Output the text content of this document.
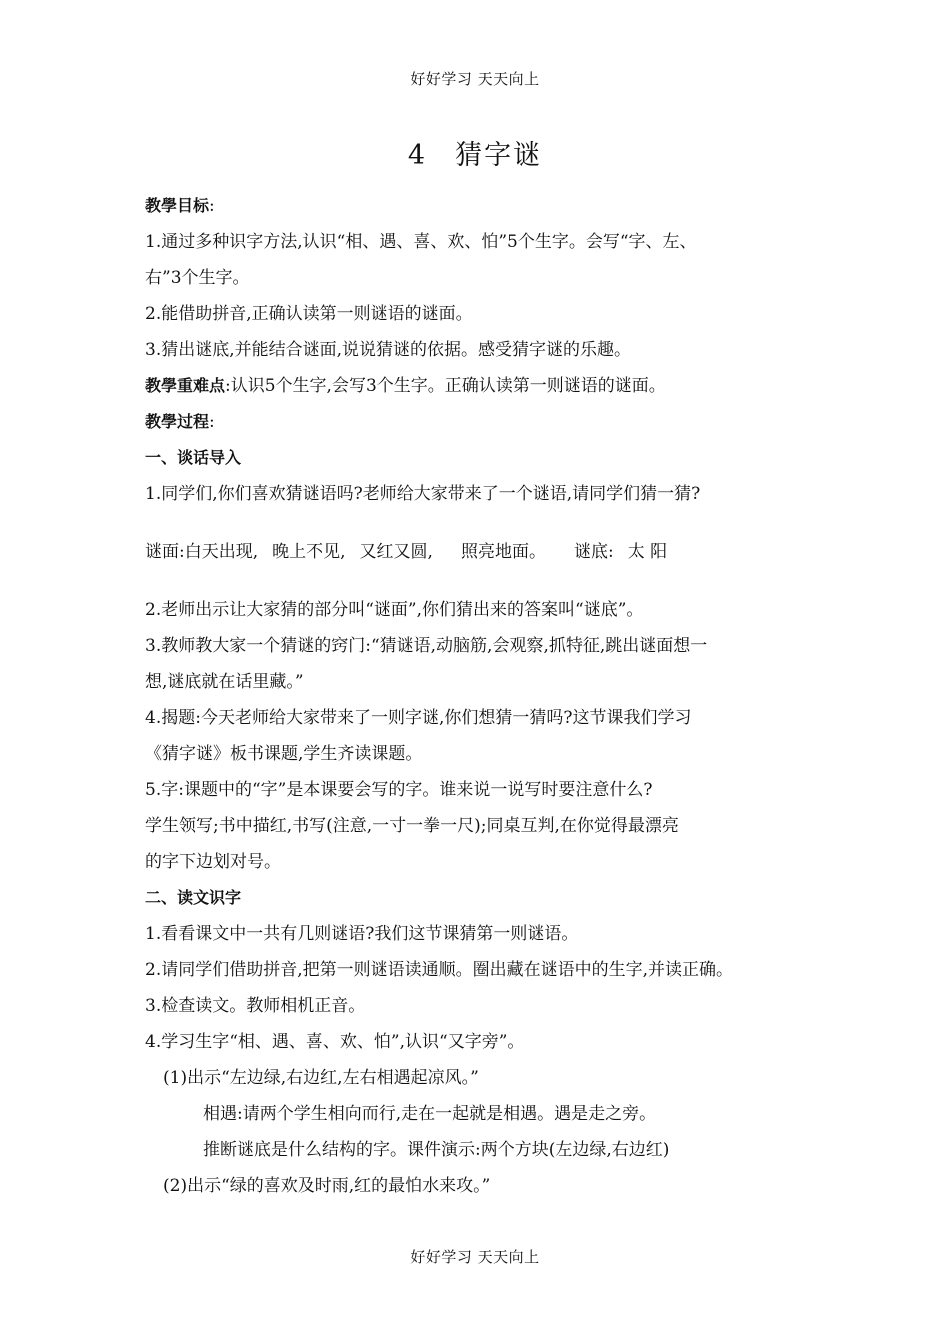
好好学习 天天向上
4 猜字谜
教學目标:
1.通过多种识字方法,认识“相、遇、喜、欢、怕”5个生字。会写“字、左、
右”3个生字。
2.能借助拼音,正确认读第一则谜语的谜面。
3.猜出谜底,并能结合谜面,说说猜谜的依据。感受猜字谜的乐趣。
教學重难点:认识5个生字,会写3个生字。正确认读第一则谜语的谜面。
教學过程:
一、谈话导入
1.同学们,你们喜欢猜谜语吗?老师给大家带来了一个谜语,请同学们猜一猜?
谜面:白天出现, 晚上不见, 又红又圆, 照亮地面。 谜底: 太 阳
2.老师出示让大家猜的部分叫“谜面”,你们猜出来的答案叫“谜底”。
3.教师教大家一个猜谜的窍门:“猜谜语,动脑筋,会观察,抓特征,跳出谜面想一
想,谜底就在话里藏。”
4.揭题:今天老师给大家带来了一则字谜,你们想猜一猜吗?这节课我们学习
《猜字谜》板书课题,学生齐读课题。
5.字:课题中的“字”是本课要会写的字。谁来说一说写时要注意什么?
学生领写;书中描红,书写(注意,一寸一拳一尺);同桌互判,在你觉得最漂亮
的字下边划对号。
二、读文识字
1.看看课文中一共有几则谜语?我们这节课猜第一则谜语。
2.请同学们借助拼音,把第一则谜语读通顺。圈出藏在谜语中的生字,并读正确。
3.检查读文。教师相机正音。
4.学习生字“相、遇、喜、欢、怕”,认识“又字旁”。
(1)出示“左边绿,右边红,左右相遇起凉风。”
相遇:请两个学生相向而行,走在一起就是相遇。遇是走之旁。
推断谜底是什么结构的字。课件演示:两个方块(左边绿,右边红)
(2)出示“绿的喜欢及时雨,红的最怕水来攻。”
好好学习 天天向上
